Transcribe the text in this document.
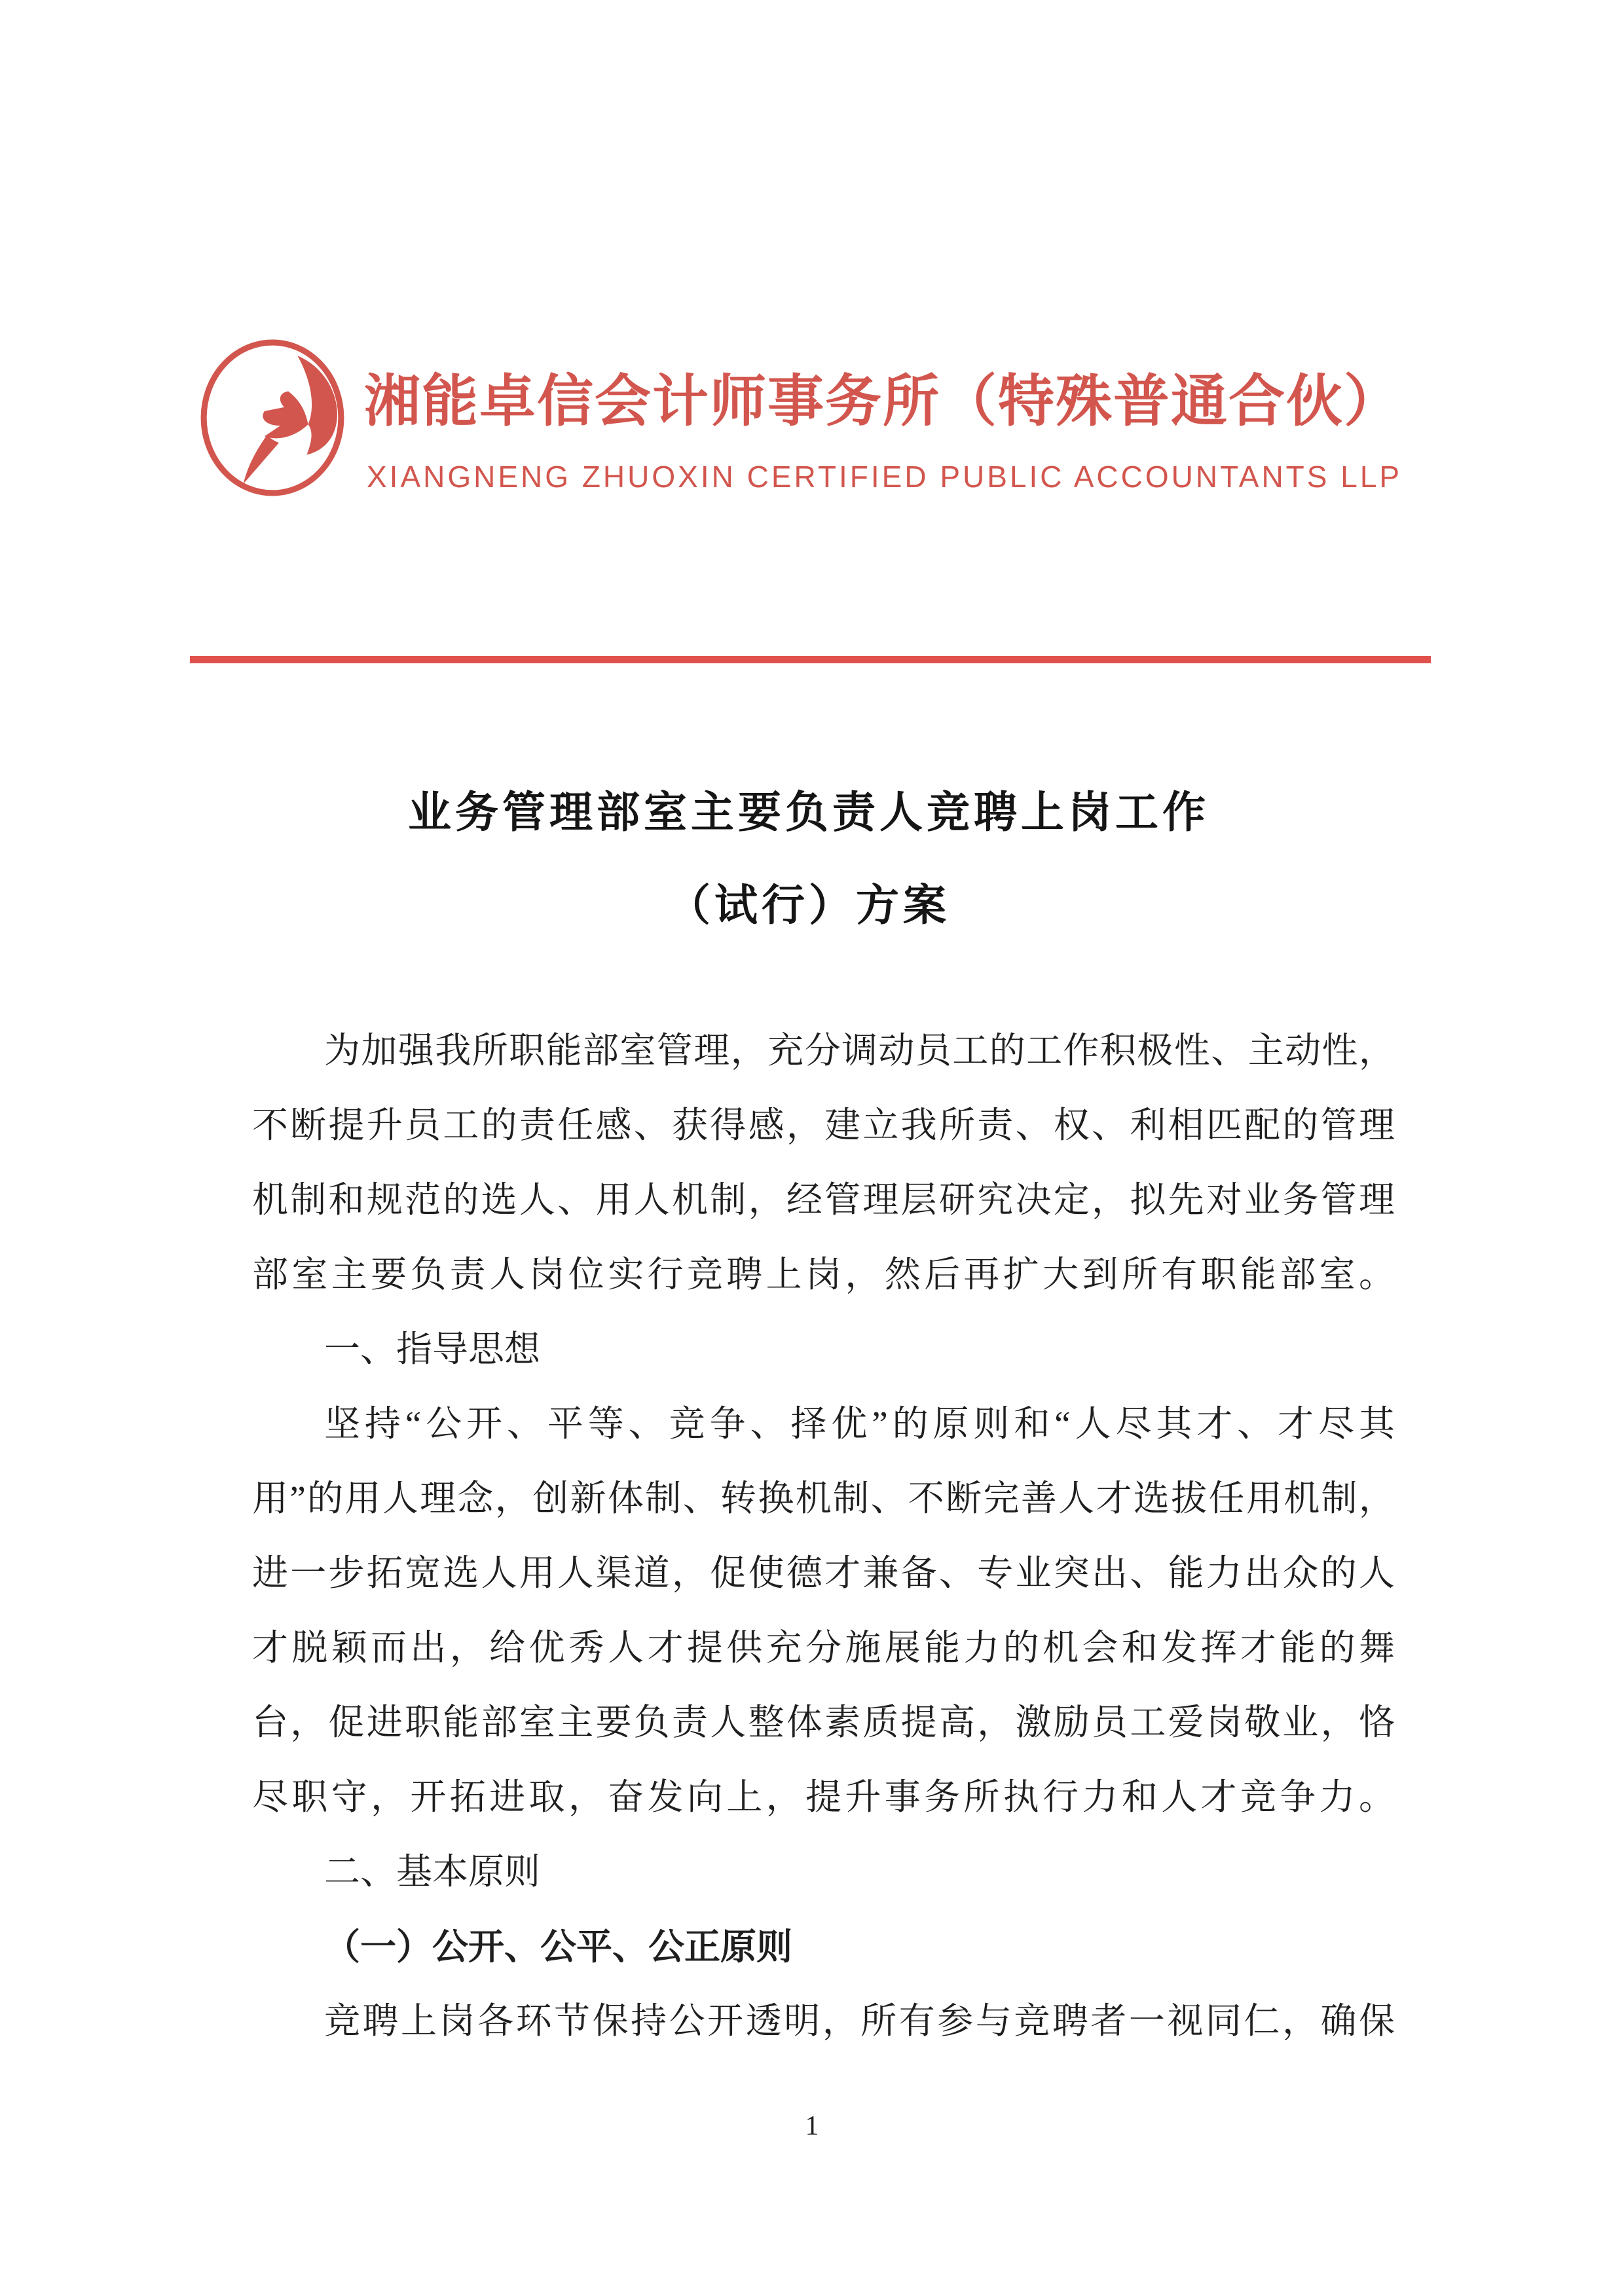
湘能卓信会计师事务所（特殊普通合伙）
XIANGNENG ZHUOXIN CERTIFIED PUBLIC ACCOUNTANTS LLP
业务管理部室主要负责人竞聘上岗工作
（试行）方案
为加强我所职能部室管理，充分调动员工的工作积极性、主动性，
不断提升员工的责任感、获得感，建立我所责、权、利相匹配的管理
机制和规范的选人、用人机制，经管理层研究决定，拟先对业务管理
部室主要负责人岗位实行竞聘上岗，然后再扩大到所有职能部室。
一、指导思想
坚持“公开、平等、竞争、择优”的原则和“人尽其才、才尽其
用”的用人理念，创新体制、转换机制、不断完善人才选拔任用机制，
进一步拓宽选人用人渠道，促使德才兼备、专业突出、能力出众的人
才脱颖而出，给优秀人才提供充分施展能力的机会和发挥才能的舞
台，促进职能部室主要负责人整体素质提高，激励员工爱岗敬业，恪
尽职守，开拓进取，奋发向上，提升事务所执行力和人才竞争力。
二、基本原则
（一）公开、公平、公正原则
竞聘上岗各环节保持公开透明，所有参与竞聘者一视同仁，确保
1
